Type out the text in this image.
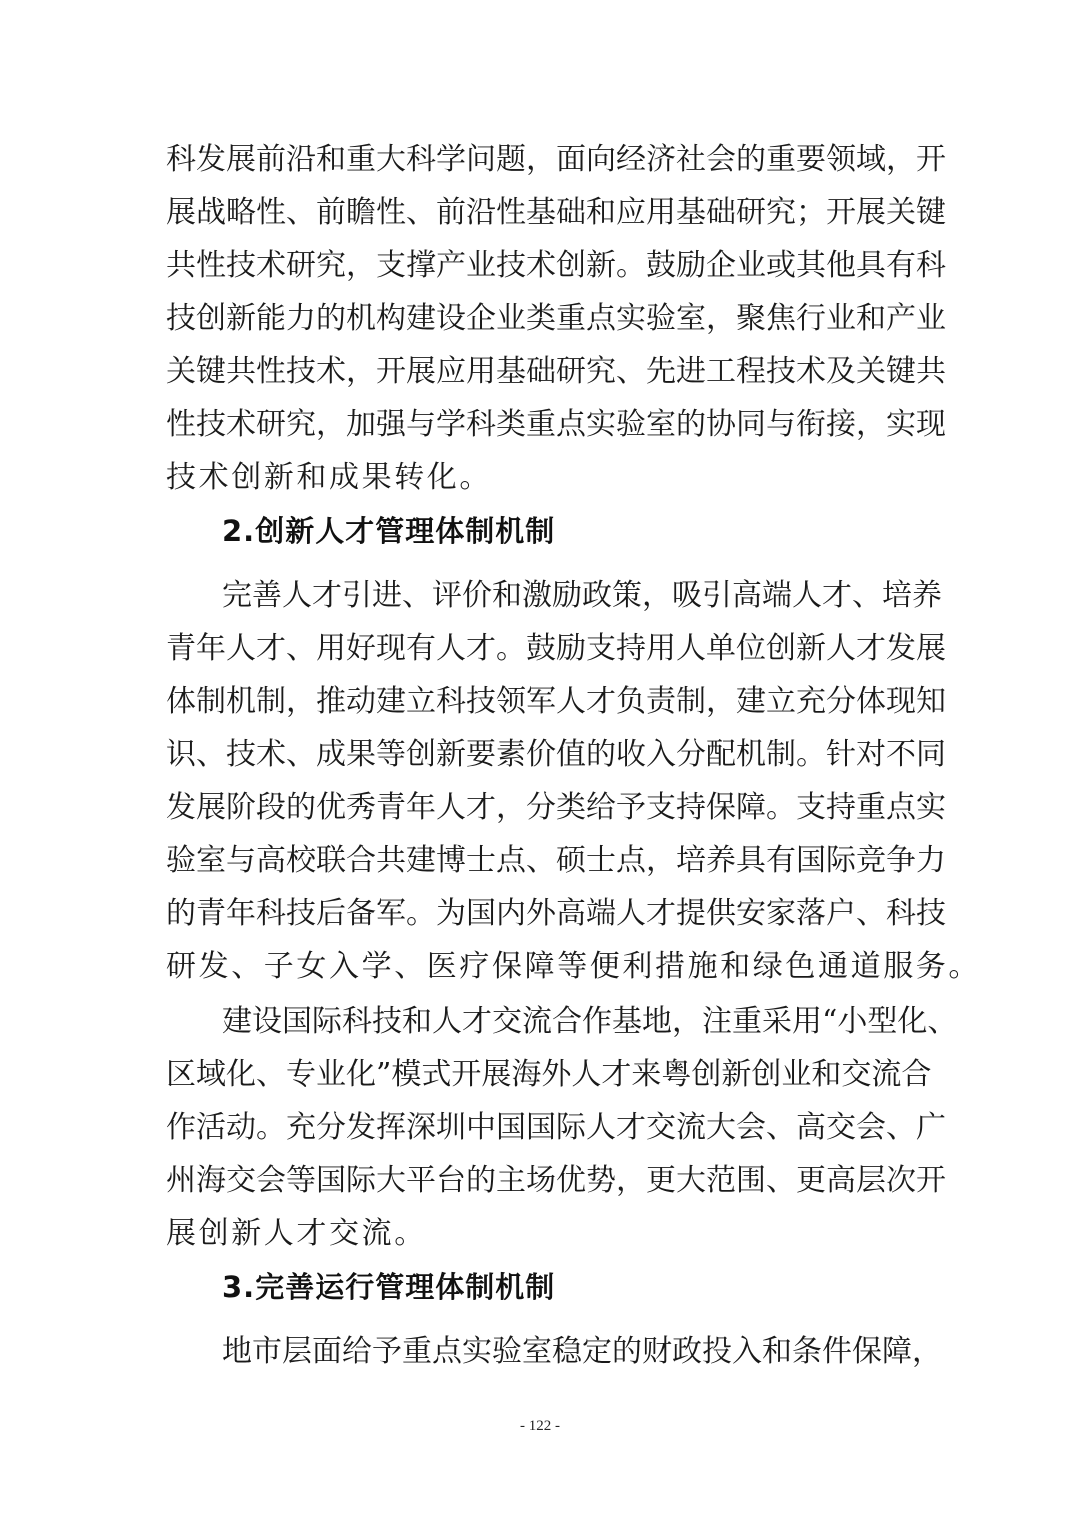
科发展前沿和重大科学问题，面向经济社会的重要领域，开
展战略性、前瞻性、前沿性基础和应用基础研究；开展关键
共性技术研究，支撑产业技术创新。鼓励企业或其他具有科
技创新能力的机构建设企业类重点实验室，聚焦行业和产业
关键共性技术，开展应用基础研究、先进工程技术及关键共
性技术研究，加强与学科类重点实验室的协同与衔接，实现
技术创新和成果转化。
2.创新人才管理体制机制
完善人才引进、评价和激励政策，吸引高端人才、培养
青年人才、用好现有人才。鼓励支持用人单位创新人才发展
体制机制，推动建立科技领军人才负责制，建立充分体现知
识、技术、成果等创新要素价值的收入分配机制。针对不同
发展阶段的优秀青年人才，分类给予支持保障。支持重点实
验室与高校联合共建博士点、硕士点，培养具有国际竞争力
的青年科技后备军。为国内外高端人才提供安家落户、科技
研发、子女入学、医疗保障等便利措施和绿色通道服务。
建设国际科技和人才交流合作基地，注重采用“小型化、
区域化、专业化”模式开展海外人才来粤创新创业和交流合
作活动。充分发挥深圳中国国际人才交流大会、高交会、广
州海交会等国际大平台的主场优势，更大范围、更高层次开
展创新人才交流。
3.完善运行管理体制机制
地市层面给予重点实验室稳定的财政投入和条件保障，
- 122 -
